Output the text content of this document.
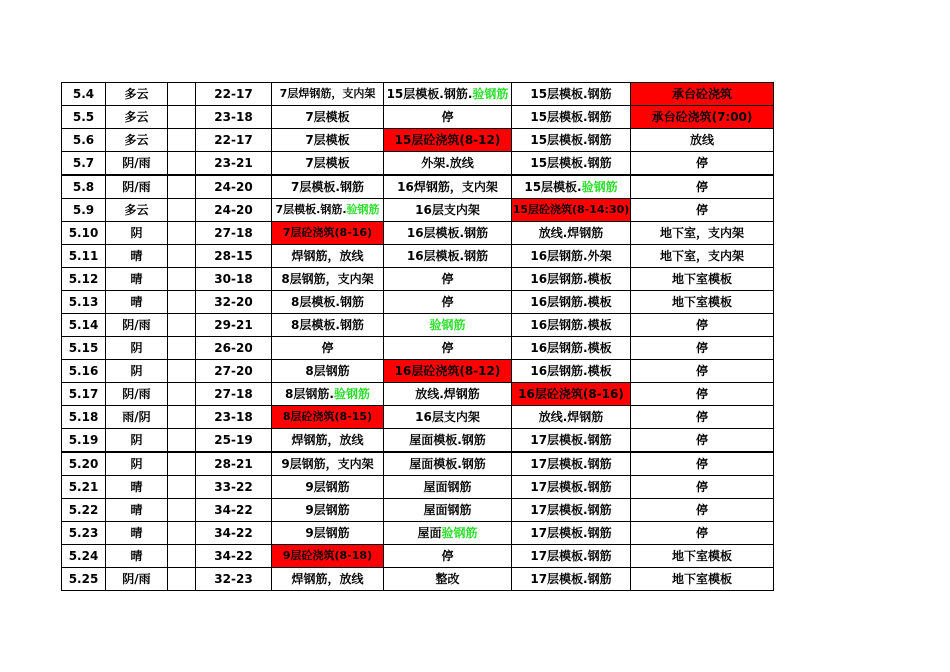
5.4	多云		22-17	7层焊钢筋，支内架	15层模板.钢筋.验钢筋	15层模板.钢筋	承台砼浇筑
5.5	多云		23-18	7层模板	停	15层模板.钢筋	承台砼浇筑(7:00)
5.6	多云		22-17	7层模板	15层砼浇筑(8-12)	15层模板.钢筋	放线
5.7	阴/雨		23-21	7层模板	外架.放线	15层模板.钢筋	停
5.8	阴/雨		24-20	7层模板.钢筋	16焊钢筋，支内架	15层模板.验钢筋	停
5.9	多云		24-20	7层模板.钢筋.验钢筋	16层支内架	15层砼浇筑(8-14:30)	停
5.10	阴		27-18	7层砼浇筑(8-16)	16层模板.钢筋	放线.焊钢筋	地下室，支内架
5.11	晴		28-15	焊钢筋，放线	16层模板.钢筋	16层钢筋.外架	地下室，支内架
5.12	晴		30-18	8层钢筋，支内架	停	16层钢筋.模板	地下室模板
5.13	晴		32-20	8层模板.钢筋	停	16层钢筋.模板	地下室模板
5.14	阴/雨		29-21	8层模板.钢筋	验钢筋	16层钢筋.模板	停
5.15	阴		26-20	停	停	16层钢筋.模板	停
5.16	阴		27-20	8层钢筋	16层砼浇筑(8-12)	16层钢筋.模板	停
5.17	阴/雨		27-18	8层钢筋.验钢筋	放线.焊钢筋	16层砼浇筑(8-16)	停
5.18	雨/阴		23-18	8层砼浇筑(8-15)	16层支内架	放线.焊钢筋	停
5.19	阴		25-19	焊钢筋，放线	屋面模板.钢筋	17层模板.钢筋	停
5.20	阴		28-21	9层钢筋，支内架	屋面模板.钢筋	17层模板.钢筋	停
5.21	晴		33-22	9层钢筋	屋面钢筋	17层模板.钢筋	停
5.22	晴		34-22	9层钢筋	屋面钢筋	17层模板.钢筋	停
5.23	晴		34-22	9层钢筋	屋面验钢筋	17层模板.钢筋	停
5.24	晴		34-22	9层砼浇筑(8-18)	停	17层模板.钢筋	地下室模板
5.25	阴/雨		32-23	焊钢筋，放线	整改	17层模板.钢筋	地下室模板
